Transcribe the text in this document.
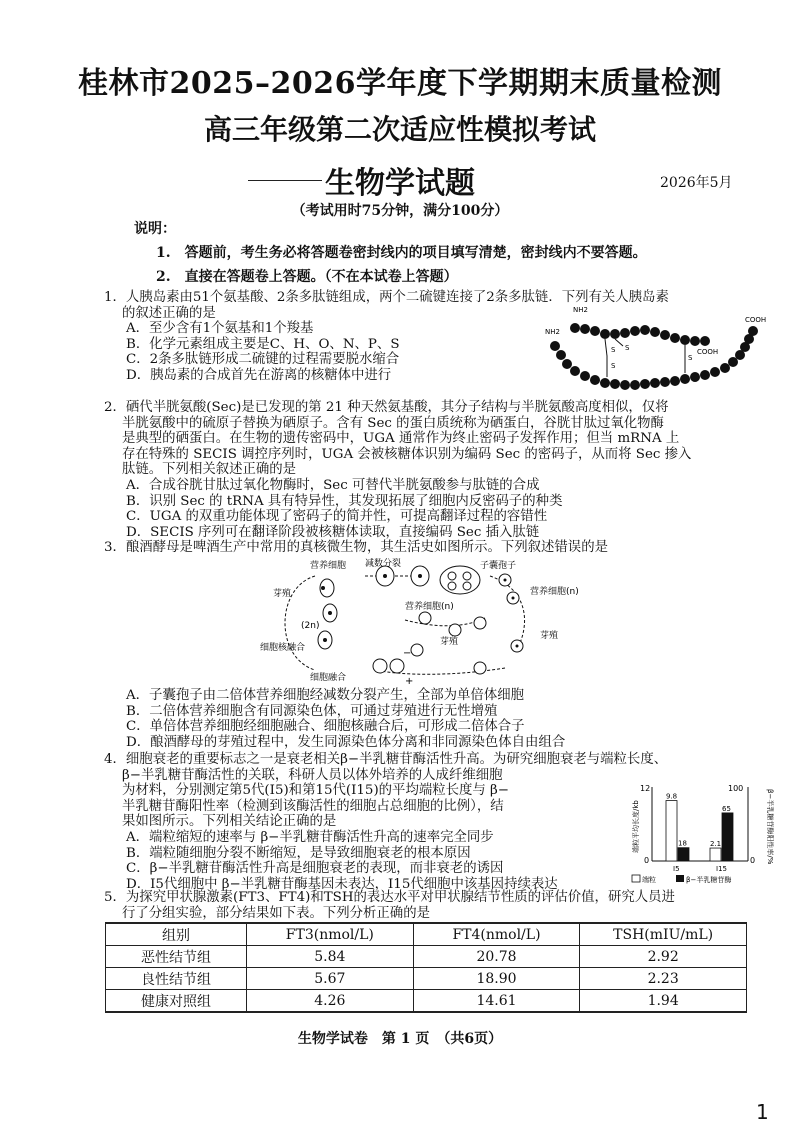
桂林市2025–2026学年度下学期期末质量检测
高三年级第二次适应性模拟考试
生物学试题	2026年5月
（考试用时75分钟，满分100分）
说明：
1.　答题前，考生务必将答题卷密封线内的项目填写清楚，密封线内不要答题。
2.　直接在答题卷上答题。（不在本试卷上答题）

1．人胰岛素由51个氨基酸、2条多肽链组成，两个二硫键连接了2条多肽链．下列有关人胰岛素

的叙述正确的是

A．至少含有1个氨基和1个羧基

B．化学元素组成主要是C、H、O、N、P、S

C．2条多肽链形成二硫键的过程需要脱水缩合

D．胰岛素的合成首先在游离的核糖体中进行

NH2
NH2
S S
S
S
COOH
COOH

2．硒代半胱氨酸(Sec)是已发现的第 21 种天然氨基酸，其分子结构与半胱氨酸高度相似，仅将

半胱氨酸中的硫原子替换为硒原子。含有 Sec 的蛋白质统称为硒蛋白，谷胱甘肽过氧化物酶

是典型的硒蛋白。在生物的遗传密码中，UGA 通常作为终止密码子发挥作用；但当 mRNA 上

存在特殊的 SECIS 调控序列时，UGA 会被核糖体识别为编码 Sec 的密码子，从而将 Sec 掺入

肽链。下列相关叙述正确的是

A．合成谷胱甘肽过氧化物酶时，Sec 可替代半胱氨酸参与肽链的合成

B．识别 Sec 的 tRNA 具有特异性，其发现拓展了细胞内反密码子的种类

C．UGA 的双重功能体现了密码子的简并性，可提高翻译过程的容错性

D．SECIS 序列可在翻译阶段被核糖体读取，直接编码 Sec 插入肽链

3．酿酒酵母是啤酒生产中常用的真核微生物，其生活史如图所示。下列叙述错误的是

营养细胞 减数分裂	子囊孢子
营养细胞(n)
芽殖
(2n)
营养细胞(n)
芽殖
芽殖
细胞核融合
细胞融合
−
+

A．子囊孢子由二倍体营养细胞经减数分裂产生，全部为单倍体细胞

B．二倍体营养细胞含有同源染色体，可通过芽殖进行无性增殖

C．单倍体营养细胞经细胞融合、细胞核融合后，可形成二倍体合子

D．酿酒酵母的芽殖过程中，发生同源染色体分离和非同源染色体自由组合

4．细胞衰老的重要标志之一是衰老相关β−半乳糖苷酶活性升高。为研究细胞衰老与端粒长度、

β−半乳糖苷酶活性的关联，科研人员以体外培养的人成纤维细胞

为材料，分别测定第5代(I5)和第15代(I15)的平均端粒长度与 β−

半乳糖苷酶阳性率（检测到该酶活性的细胞占总细胞的比例），结

果如图所示。下列相关结论正确的是

A．端粒缩短的速率与 β−半乳糖苷酶活性升高的速率完全同步

B．端粒随细胞分裂不断缩短，是导致细胞衰老的根本原因

C．β−半乳糖苷酶活性升高是细胞衰老的表现，而非衰老的诱因

D．I5代细胞中 β−半乳糖苷酶基因未表达，I15代细胞中该基因持续表达

12
0
100
0
端粒平均长度/kb	β−半乳糖苷酶阳性率/%
I5	I15
9.8
18	2.1
65
端粒	β−半乳糖苷酶

5．为探究甲状腺激素(FT3、FT4)和TSH的表达水平对甲状腺结节性质的评估价值，研究人员进

行了分组实验，部分结果如下表。下列分析正确的是

组别	FT3(nmol/L)	FT4(nmol/L)	TSH(mIU/mL)
恶性结节组	5.84	20.78	2.92
良性结节组	5.67	18.90	2.23
健康对照组	4.26	14.61	1.94
生物学试卷　第 1 页　（共6页）
1
